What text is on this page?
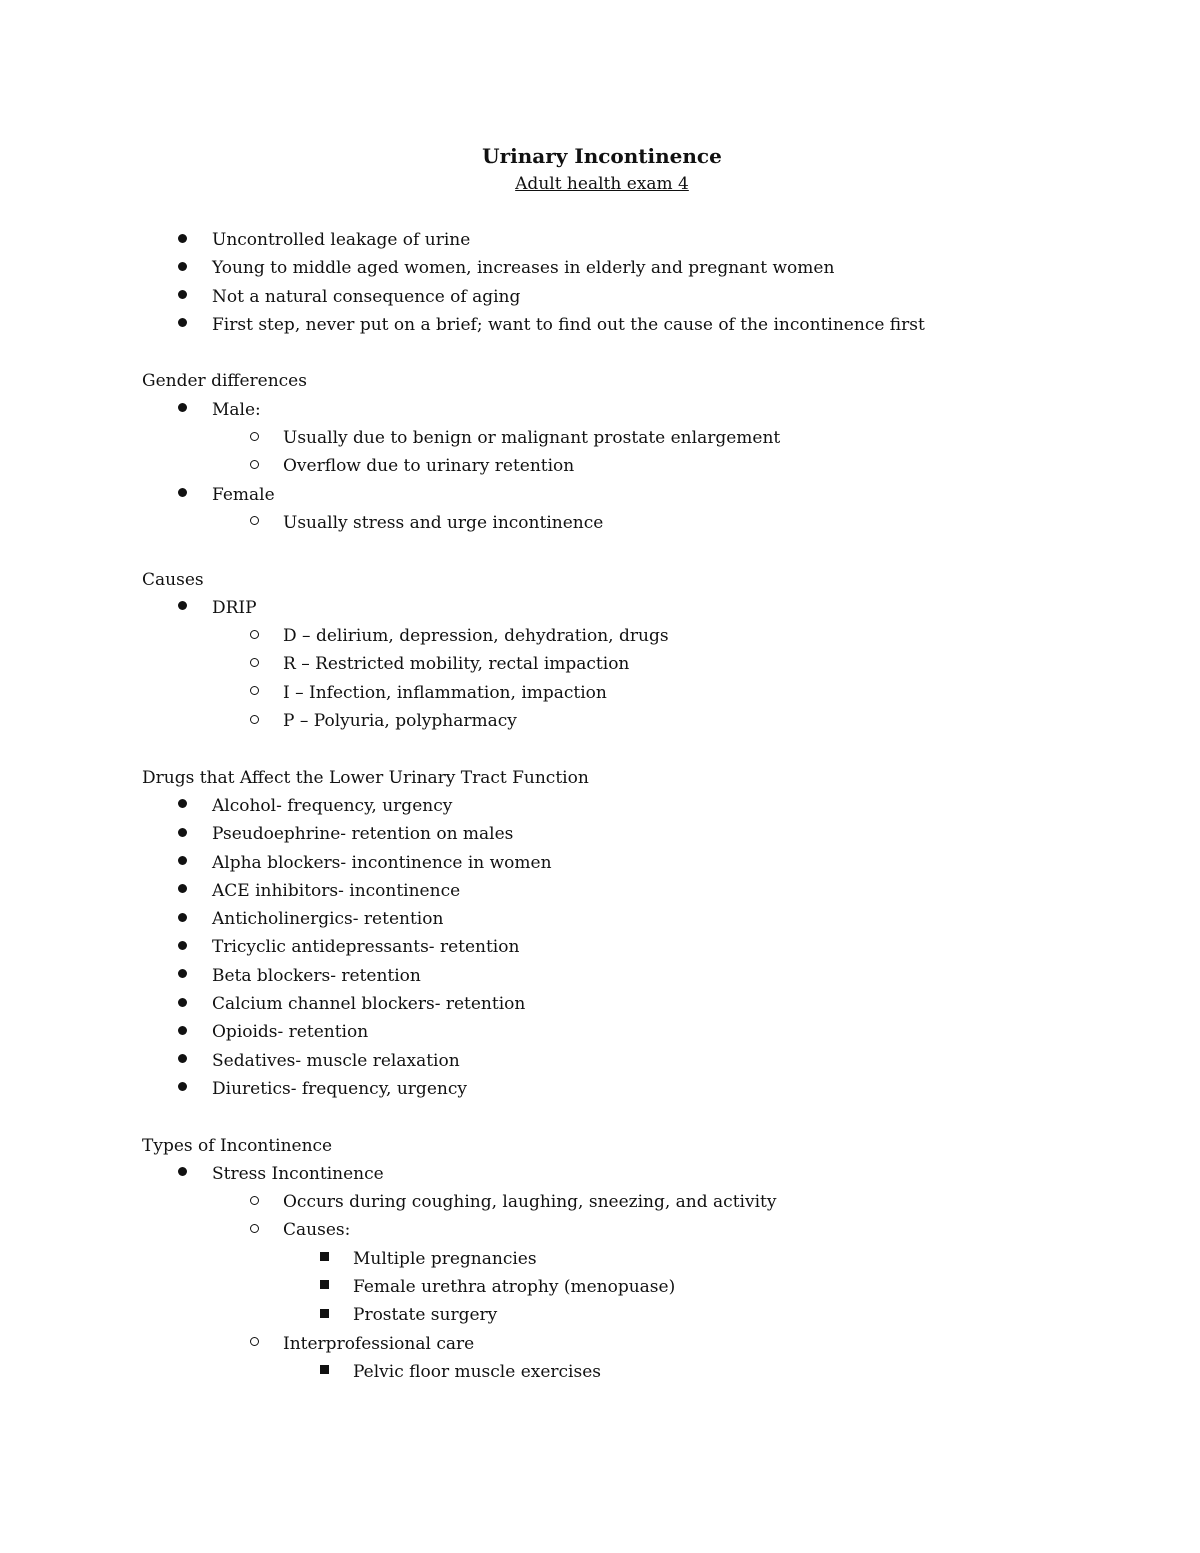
Urinary Incontinence

Adult health exam 4

Uncontrolled leakage of urine
Young to middle aged women, increases in elderly and pregnant women
Not a natural consequence of aging
First step, never put on a brief; want to find out the cause of the incontinence first

Gender differences

Male:
Usually due to benign or malignant prostate enlargement
Overflow due to urinary retention
Female
Usually stress and urge incontinence

Causes

DRIP
D – delirium, depression, dehydration, drugs
R – Restricted mobility, rectal impaction
I – Infection, inflammation, impaction
P – Polyuria, polypharmacy

Drugs that Affect the Lower Urinary Tract Function

Alcohol- frequency, urgency
Pseudoephrine- retention on males
Alpha blockers- incontinence in women
ACE inhibitors- incontinence
Anticholinergics- retention
Tricyclic antidepressants- retention
Beta blockers- retention
Calcium channel blockers- retention
Opioids- retention
Sedatives- muscle relaxation
Diuretics- frequency, urgency

Types of Incontinence

Stress Incontinence
Occurs during coughing, laughing, sneezing, and activity
Causes:
Multiple pregnancies
Female urethra atrophy (menopuase)
Prostate surgery
Interprofessional care
Pelvic floor muscle exercises
